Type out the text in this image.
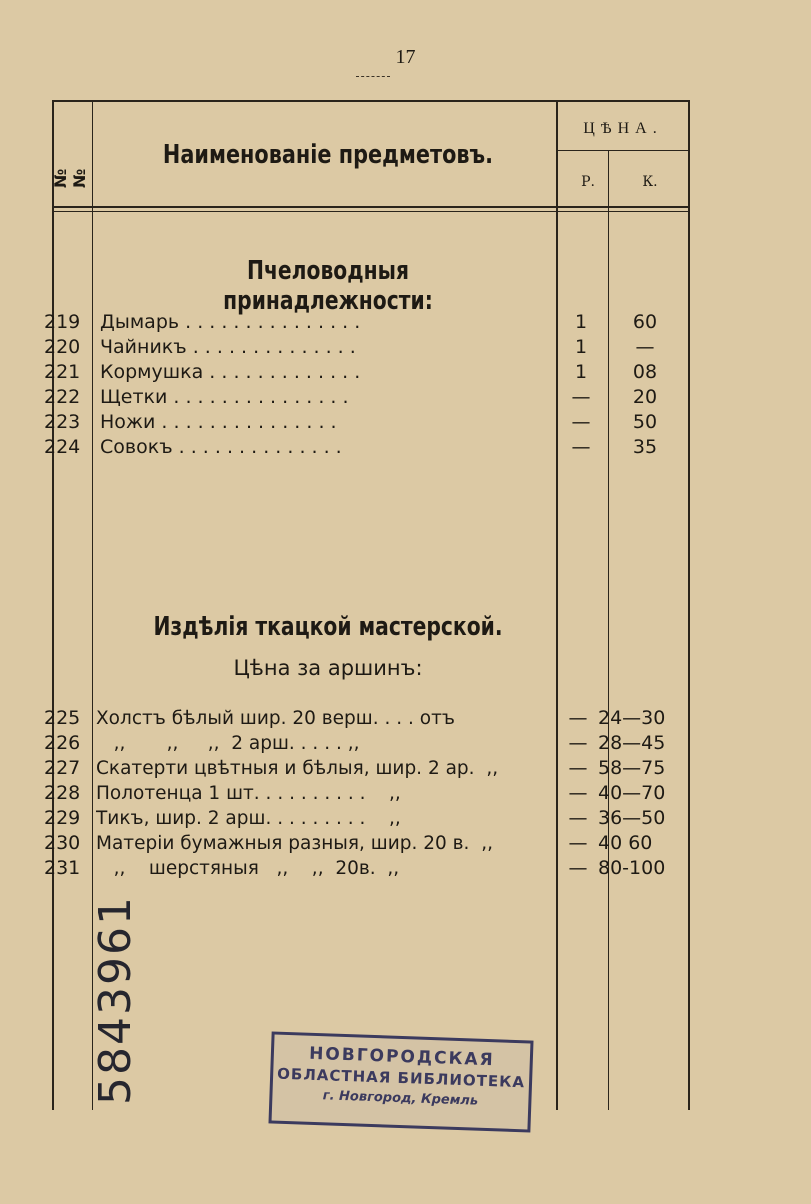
17
№ №
Наименованіе предметовъ.
ЦѢНА.
Р.	К.
Пчеловодныя принадлежности:
219	Дымарь . . . . . . . . . . . . . . .	1	60
220	Чайникъ . . . . . . . . . . . . . .	1	—
221	Кормушка . . . . . . . . . . . . .	1	08
222	Щетки . . . . . . . . . . . . . . .	—	20
223	Ножи . . . . . . . . . . . . . . .	—	50
224	Совокъ . . . . . . . . . . . . . .	—	35
Издѣлія ткацкой мастерской.
Цѣна за аршинъ:
225 Холстъ бѣлый шир. 20 верш. . . . отъ	— 24—30
226 ,,       ,,     ,,  2 арш. . . . . ,,	— 28—45
227 Скатерти цвѣтныя и бѣлыя, шир. 2 ар.  ,,	— 58—75
228 Полотенца 1 шт. . . . . . . . . .    ,,	— 40—70
229 Тикъ, шир. 2 арш. . . . . . . . .    ,,	— 36—50
230 Матеріи бумажныя разныя, шир. 20 в.  ,,	— 40 60
231 ,,    шерстяныя   ,,    ,,  20в.  ,,	— 80-100
5843961	НОВГОРОДСКАЯ
ОБЛАСТНАЯ БИБЛИОТЕКА
г. Новгород, Кремль
